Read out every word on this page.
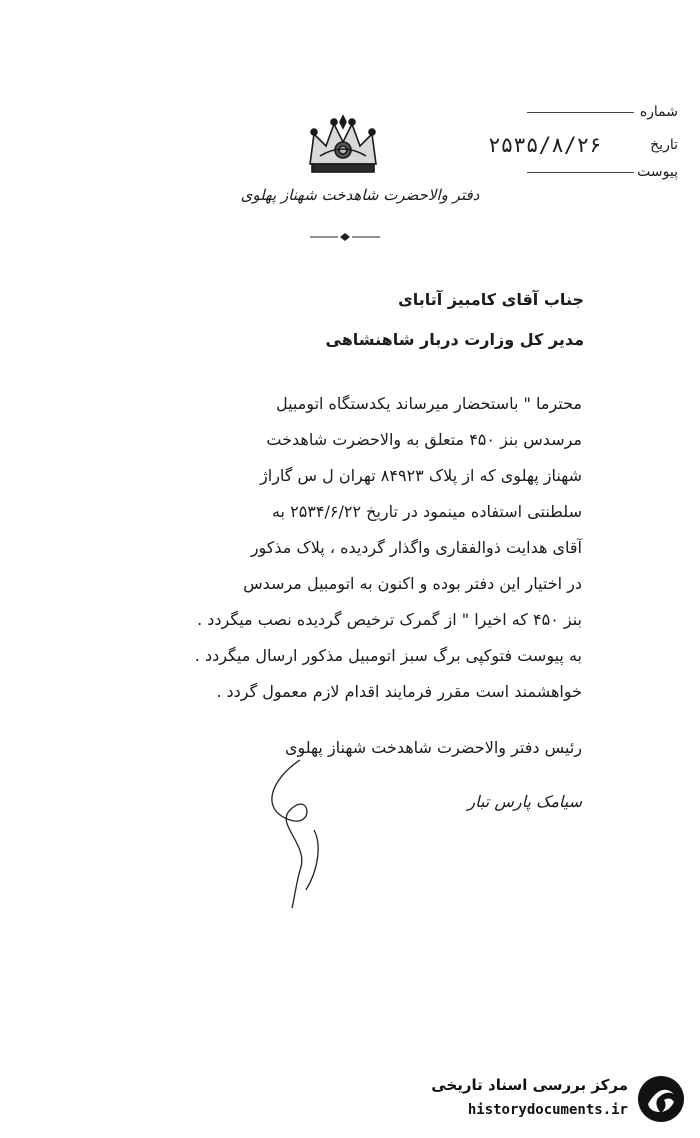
شماره
تاریخ
۲۵۳۵/۸/۲۶
پیوست
دفتر والاحضرت شاهدخت شهناز پهلوی
جناب آقای کامبیز آتابای
مدیر کل وزارت دربار شاهنشاهی
محترما " باستحضار میرساند یکدستگاه اتومبیل
مرسدس بنز ۴۵۰ متعلق به والاحضرت شاهدخت
شهناز پهلوی که از پلاک ۸۴۹۲۳ تهران ل س گاراژ
سلطنتی استفاده مینمود در تاریخ ۲۵۳۴/۶/۲۲ به
آقای هدایت ذوالفقاری واگذار گردیده ، پلاک مذکور
در اختیار این دفتر بوده و اکنون به اتومبیل مرسدس
بنز ۴۵۰ که اخیرا " از گمرک ترخیص گردیده نصب میگردد .
به پیوست فتوکپی برگ سبز اتومبیل مذکور ارسال میگردد .
خواهشمند است مقرر فرمایند اقدام لازم معمول گردد .
رئیس دفتر والاحضرت شاهدخت شهناز پهلوی
سیامک پارس تبار
مرکز بررسی اسناد تاریخی
historydocuments.ir
